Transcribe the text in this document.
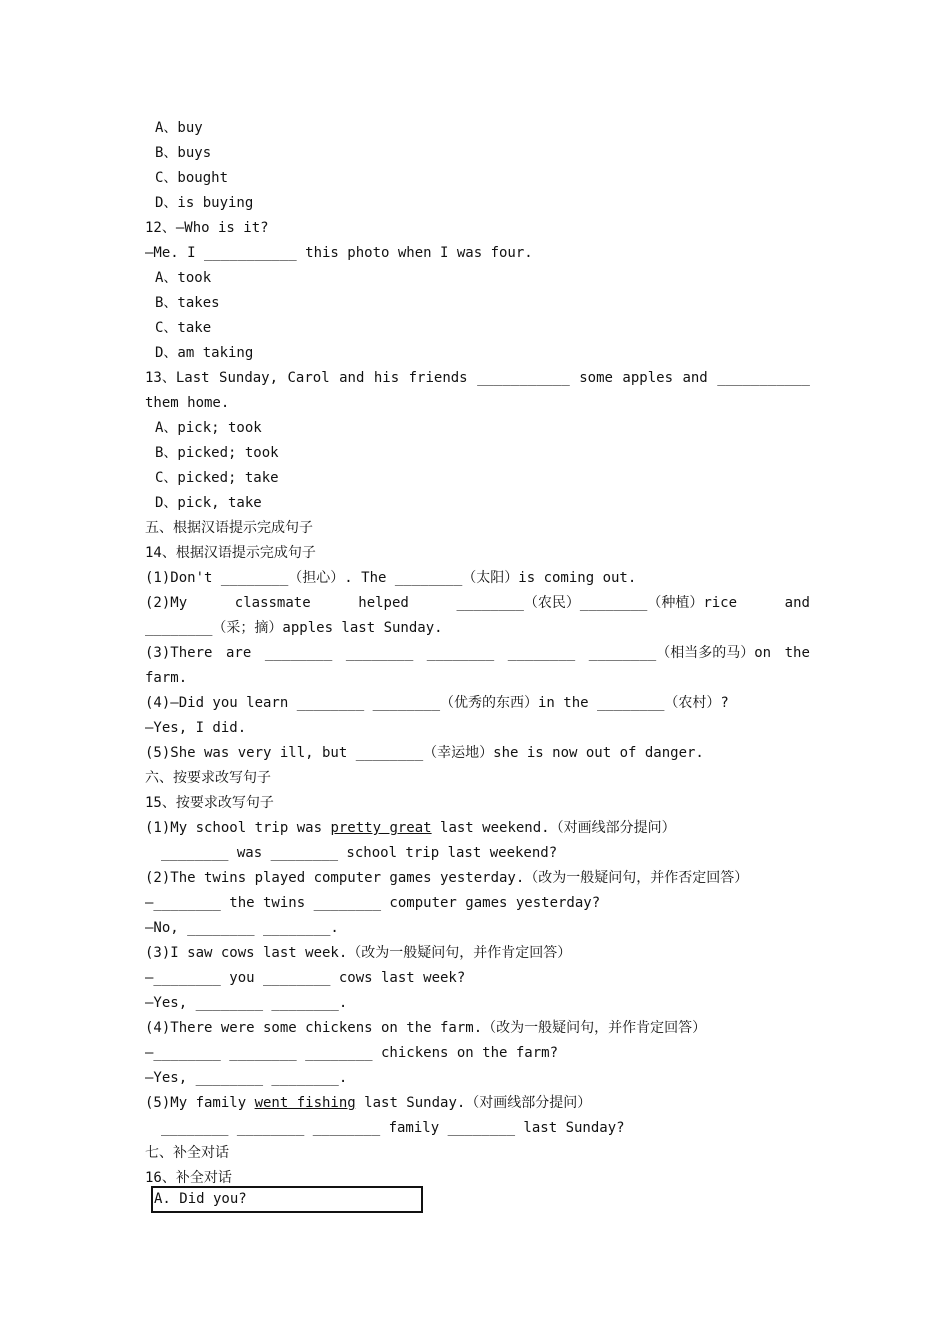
A、buy
B、buys
C、bought
D、is buying
12、—Who is it?
—Me. I ___________ this photo when I was four.
A、took
B、takes
C、take
D、am taking
13、Last Sunday, Carol and his friends ___________ some apples and ___________
them home.
A、pick; took
B、picked; took
C、picked; take
D、pick, take
五、根据汉语提示完成句子
14、根据汉语提示完成句子
(1)Don't ________（担心）. The ________（太阳）is coming out.
(2)My	classmate	helped	________（农民）________（种植）rice	and
________（采；摘）apples last Sunday.
(3)There are ________ ________ ________ ________ ________（相当多的马）on the
farm.
(4)—Did you learn ________ ________（优秀的东西）in the ________（农村）?
—Yes, I did.
(5)She was very ill, but ________（幸运地）she is now out of danger.
六、按要求改写句子
15、按要求改写句子
(1)My school trip was pretty great last weekend.（对画线部分提问）
________ was ________ school trip last weekend?
(2)The twins played computer games yesterday.（改为一般疑问句，并作否定回答）
—________ the twins ________ computer games yesterday?
—No, ________ ________.
(3)I saw cows last week.（改为一般疑问句，并作肯定回答）
—________ you ________ cows last week?
—Yes, ________ ________.
(4)There were some chickens on the farm.（改为一般疑问句，并作肯定回答）
—________ ________ ________ chickens on the farm?
—Yes, ________ ________.
(5)My family went fishing last Sunday.（对画线部分提问）
________ ________ ________ family ________ last Sunday?
七、补全对话
16、补全对话
A. Did you?
